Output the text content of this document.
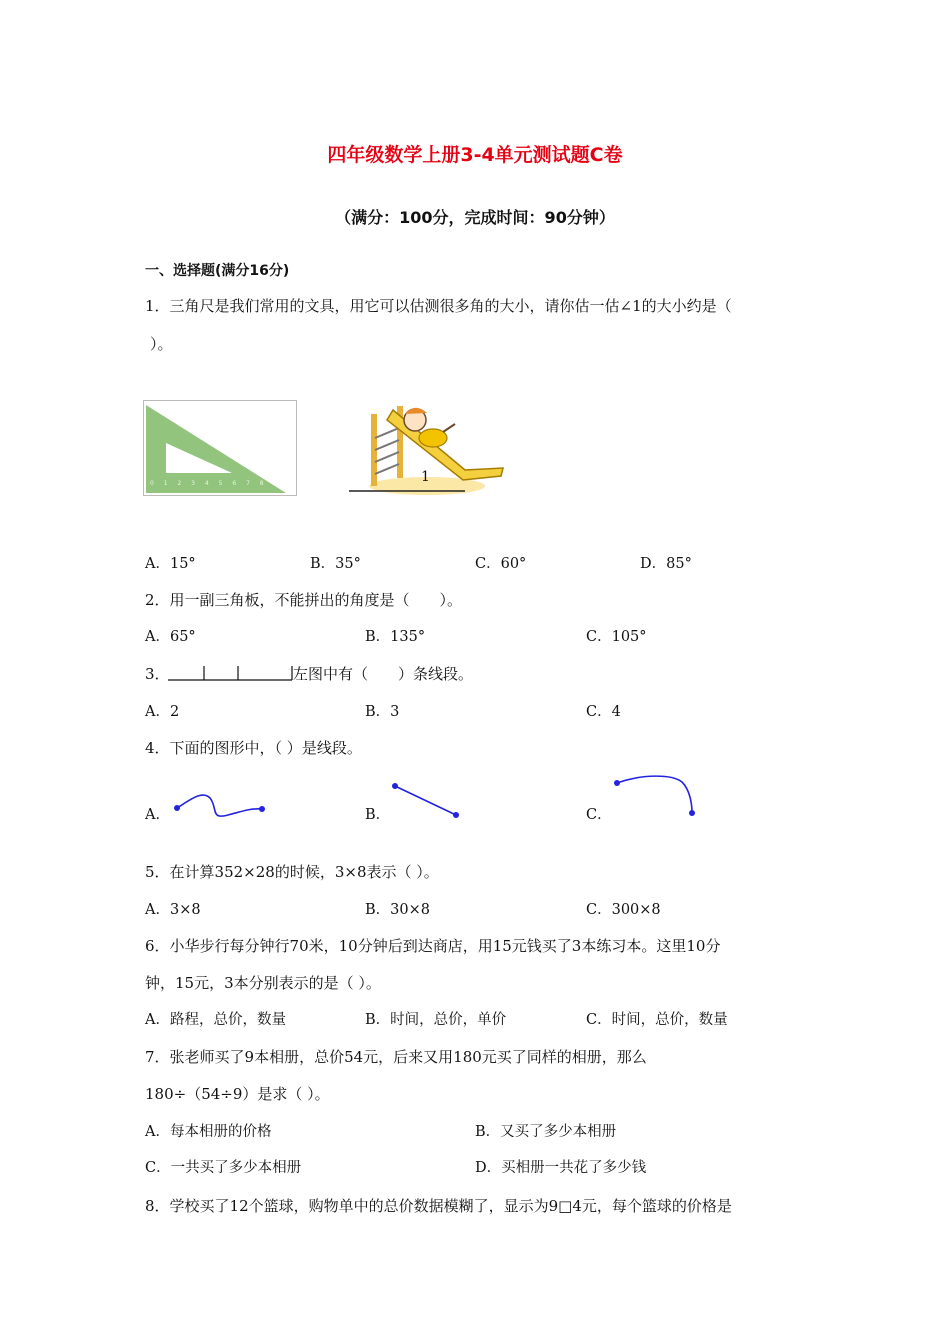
四年级数学上册3-4单元测试题C卷
（满分：100分，完成时间：90分钟）
一、选择题(满分16分)
1．三角尺是我们常用的文具，用它可以估测很多角的大小，请你估一估∠1的大小约是（
）。
0 1 2 3 4 5 6 7 8	1
A．15°	B．35°	C．60°	D．85°
2．用一副三角板，不能拼出的角度是（　　）。
A．65°	B．135°	C．105°
3．	左图中有（　　）条线段。
A．2	B．3	C．4
4．下面的图形中，（ ）是线段。
A．	B．	C．
5．在计算352×28的时候，3×8表示（ ）。
A．3×8	B．30×8	C．300×8
6．小华步行每分钟行70米，10分钟后到达商店，用15元钱买了3本练习本。这里10分
钟，15元，3本分别表示的是（ ）。
A．路程，总价，数量	B．时间，总价，单价	C．时间，总价，数量
7．张老师买了9本相册，总价54元，后来又用180元买了同样的相册，那么
180÷（54÷9）是求（ ）。
A．每本相册的价格	B．又买了多少本相册
C．一共买了多少本相册	D．买相册一共花了多少钱
8．学校买了12个篮球，购物单中的总价数据模糊了，显示为9□4元，每个篮球的价格是
